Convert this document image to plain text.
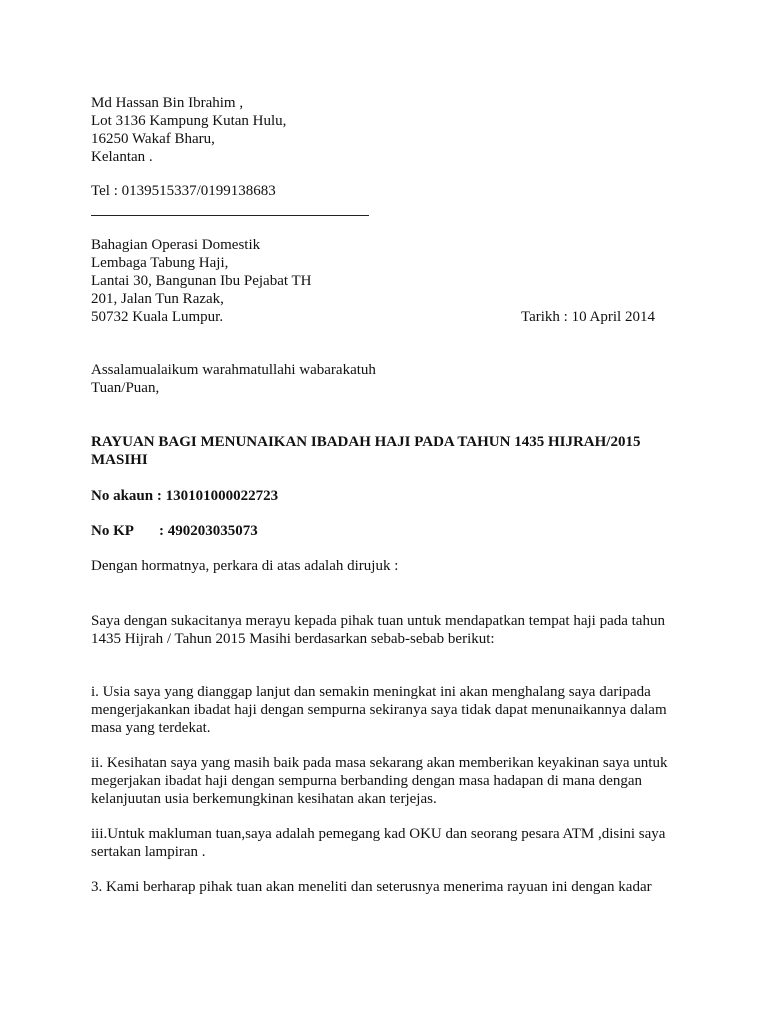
Md Hassan Bin Ibrahim ,
Lot 3136 Kampung Kutan Hulu,
16250 Wakaf Bharu,
Kelantan .
Tel : 0139515337/0199138683
Bahagian Operasi Domestik
Lembaga Tabung Haji,
Lantai 30, Bangunan Ibu Pejabat TH
201, Jalan Tun Razak,
50732 Kuala Lumpur.	Tarikh : 10 April 2014
Assalamualaikum warahmatullahi wabarakatuh
Tuan/Puan,
RAYUAN BAGI MENUNAIKAN IBADAH HAJI PADA TAHUN 1435 HIJRAH/2015
MASIHI
No akaun : 130101000022723
No KP : 490203035073
Dengan hormatnya, perkara di atas adalah dirujuk :
Saya dengan sukacitanya merayu kepada pihak tuan untuk mendapatkan tempat haji pada tahun
1435 Hijrah / Tahun 2015 Masihi berdasarkan sebab-sebab berikut:
i. Usia saya yang dianggap lanjut dan semakin meningkat ini akan menghalang saya daripada
mengerjakankan ibadat haji dengan sempurna sekiranya saya tidak dapat menunaikannya dalam
masa yang terdekat.
ii. Kesihatan saya yang masih baik pada masa sekarang akan memberikan keyakinan saya untuk
megerjakan ibadat haji dengan sempurna berbanding dengan masa hadapan di mana dengan
kelanjuutan usia berkemungkinan kesihatan akan terjejas.
iii.Untuk makluman tuan,saya adalah pemegang kad OKU dan seorang pesara ATM ,disini saya
sertakan lampiran .
3. Kami berharap pihak tuan akan meneliti dan seterusnya menerima rayuan ini dengan kadar
